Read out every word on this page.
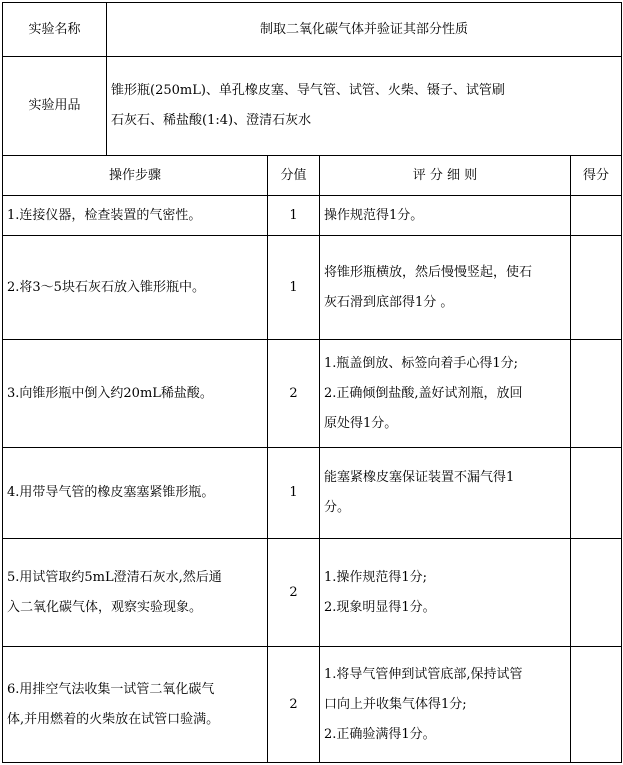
实验名称	制取二氧化碳气体并验证其部分性质
实验用品	锥形瓶(250mL)、单孔橡皮塞、导气管、试管、火柴、镊子、试管刷
石灰石、稀盐酸(1:4)、澄清石灰水
操作步骤	分值	评 分 细 则	得分

1.连接仪器，检查装置的气密性。	1	操作规范得1分。	

2.将3～5块石灰石放入锥形瓶中。	1	将锥形瓶横放，然后慢慢竖起，使石
灰石滑到底部得1分 。	

3.向锥形瓶中倒入约20mL稀盐酸。	2	1.瓶盖倒放、标签向着手心得1分;
2.正确倾倒盐酸,盖好试剂瓶，放回
原处得1分。	

4.用带导气管的橡皮塞塞紧锥形瓶。	1	能塞紧橡皮塞保证装置不漏气得1
分。	

5.用试管取约5mL澄清石灰水,然后通
入二氧化碳气体，观察实验现象。	2	1.操作规范得1分;
2.现象明显得1分。	

6.用排空气法收集一试管二氧化碳气
体,并用燃着的火柴放在试管口验满。	2	1.将导气管伸到试管底部,保持试管
口向上并收集气体得1分;
2.正确验满得1分。	
